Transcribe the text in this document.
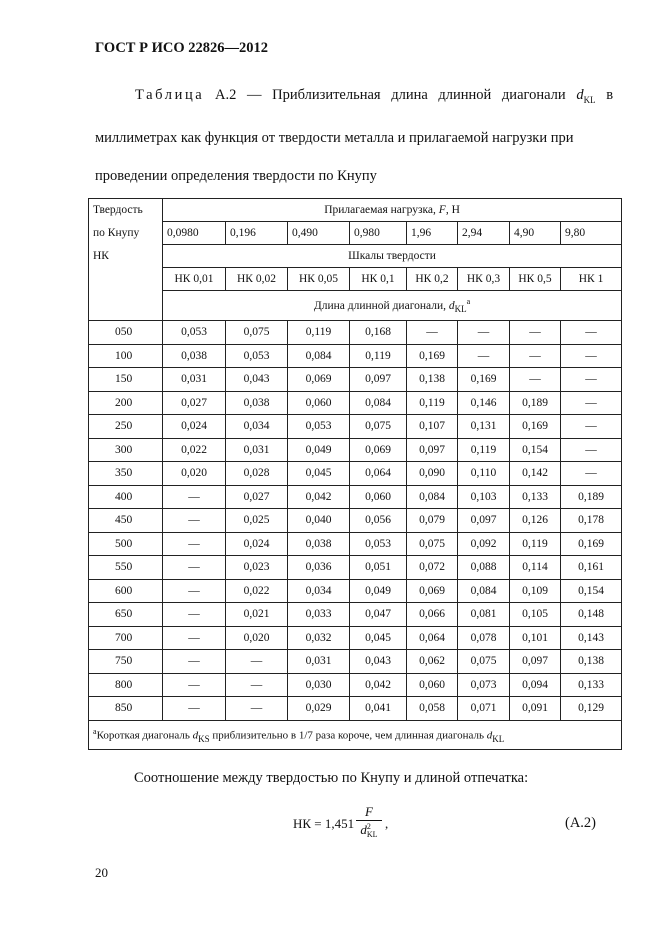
ГОСТ Р ИСО 22826—2012
Таблица А.2 — Приблизительная длина длинной диагонали $d_{KL}$ в
миллиметрах как функция от твердости металла и прилагаемой нагрузки при
проведении определения твердости по Кнупу
Твердость	Прилагаемая нагрузка, F, Н							
по Кнупу	0,0980	0,196	0,490	0,980	1,96	2,94	4,90	9,80
НК	Шкалы твердости							
	НК 0,01	НК 0,02	НК 0,05	НК 0,1	НК 0,2	НК 0,3	НК 0,5	НК 1
	Длина длинной диагонали, $d_{KL}^а$
050	0,053	0,075	0,119	0,168	—	—	—	—
100	0,038	0,053	0,084	0,119	0,169	—	—	—
150	0,031	0,043	0,069	0,097	0,138	0,169	—	—
200	0,027	0,038	0,060	0,084	0,119	0,146	0,189	—
250	0,024	0,034	0,053	0,075	0,107	0,131	0,169	—
300	0,022	0,031	0,049	0,069	0,097	0,119	0,154	—
350	0,020	0,028	0,045	0,064	0,090	0,110	0,142	—
400	—	0,027	0,042	0,060	0,084	0,103	0,133	0,189
450	—	0,025	0,040	0,056	0,079	0,097	0,126	0,178
500	—	0,024	0,038	0,053	0,075	0,092	0,119	0,169
550	—	0,023	0,036	0,051	0,072	0,088	0,114	0,161
600	—	0,022	0,034	0,049	0,069	0,084	0,109	0,154
650	—	0,021	0,033	0,047	0,066	0,081	0,105	0,148
700	—	0,020	0,032	0,045	0,064	0,078	0,101	0,143
750	—	—	0,031	0,043	0,062	0,075	0,097	0,138
800	—	—	0,030	0,042	0,060	0,073	0,094	0,133
850	—	—	0,029	0,041	0,058	0,071	0,091	0,129
$^а$Короткая диагональ $d_{KS}$ приблизительно в 1/7 раза короче, чем длинная диагональ $d_{KL}$
Соотношение между твердостью по Кнупу и длиной отпечатка:
НК = 1,451
F
d 2
KL
,	(А.2)
20
